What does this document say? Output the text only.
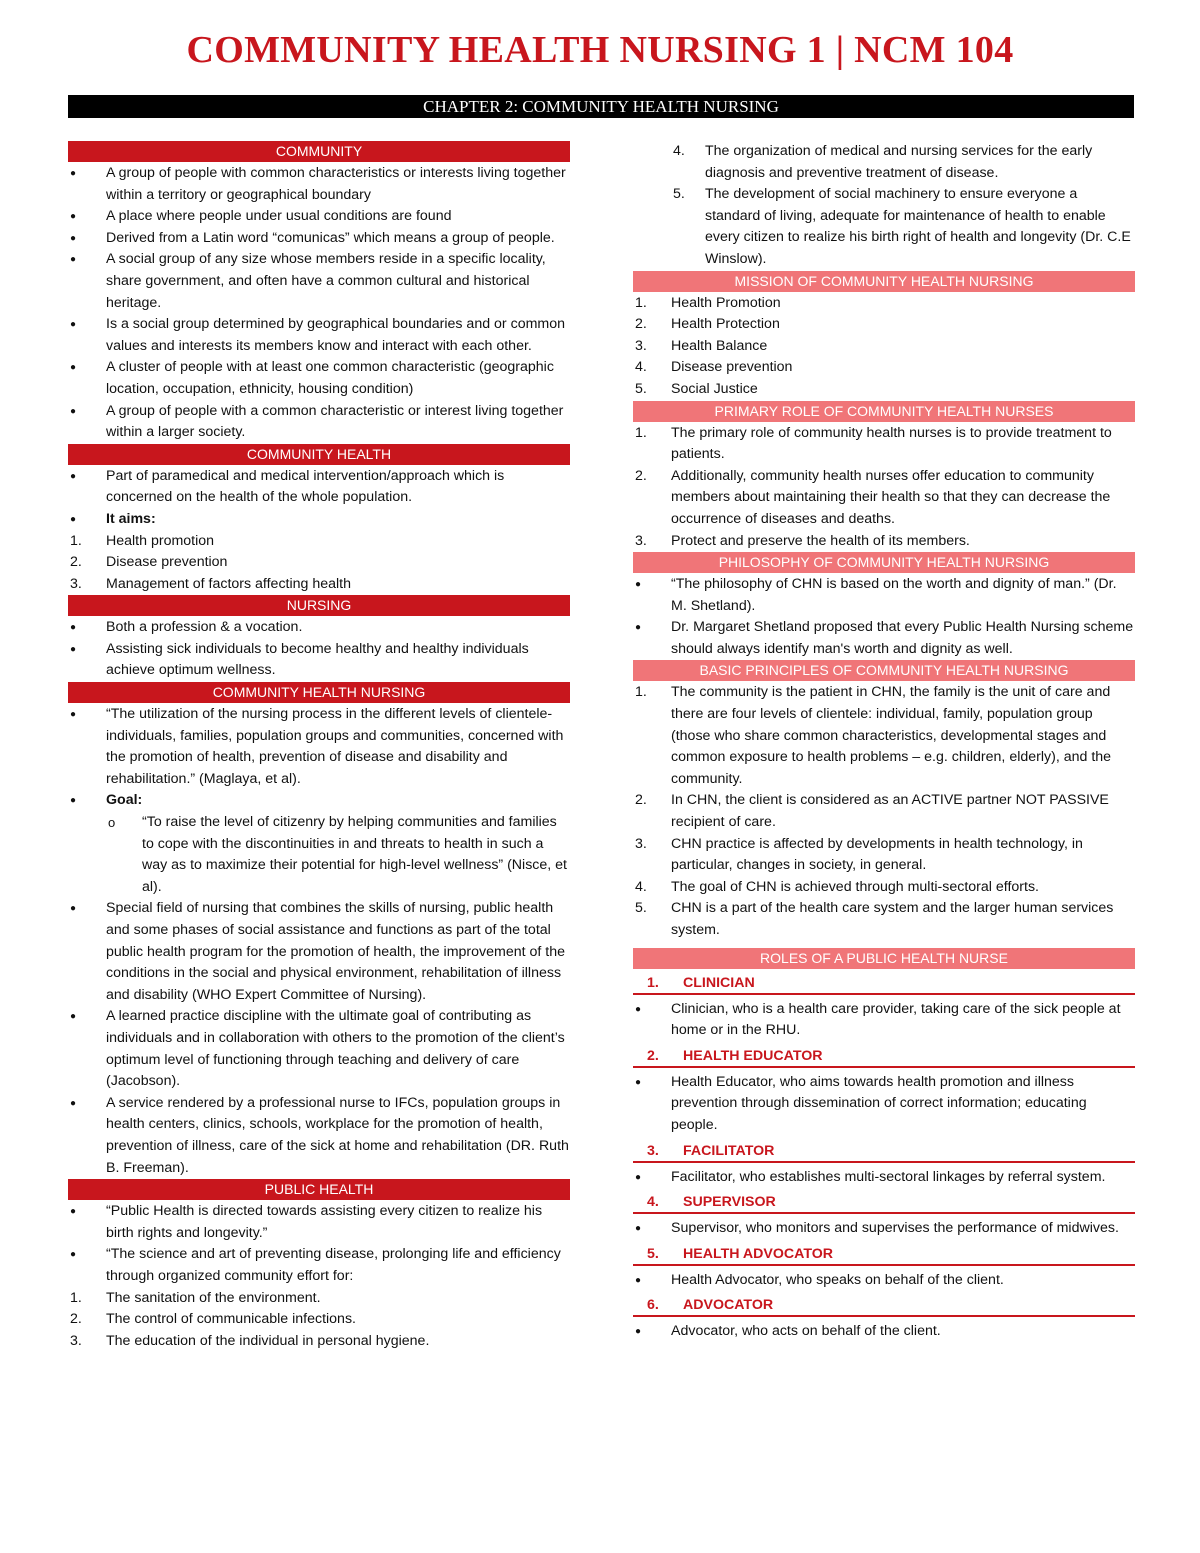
COMMUNITY HEALTH NURSING 1 | NCM 104
CHAPTER 2: COMMUNITY HEALTH NURSING
COMMUNITY
●	A group of people with common characteristics or interests living together within a territory or geographical boundary
●	A place where people under usual conditions are found
●	Derived from a Latin word “comunicas” which means a group of people.
●	A social group of any size whose members reside in a specific locality, share government, and often have a common cultural and historical heritage.
●	Is a social group determined by geographical boundaries and or common values and interests its members know and interact with each other.
●	A cluster of people with at least one common characteristic (geographic location, occupation, ethnicity, housing condition)
●	A group of people with a common characteristic or interest living together within a larger society.
COMMUNITY HEALTH
●	Part of paramedical and medical intervention/approach which is concerned on the health of the whole population.
●	It aims:
1.	Health promotion
2.	Disease prevention
3.	Management of factors affecting health
NURSING
●	Both a profession & a vocation.
●	Assisting sick individuals to become healthy and healthy individuals achieve optimum wellness.
COMMUNITY HEALTH NURSING
●	“The utilization of the nursing process in the different levels of clientele-individuals, families, population groups and communities, concerned with the promotion of health, prevention of disease and disability and rehabilitation.” (Maglaya, et al).
●	Goal:
o	“To raise the level of citizenry by helping communities and families to cope with the discontinuities in and threats to health in such a way as to maximize their potential for high-level wellness” (Nisce, et al).
●	Special field of nursing that combines the skills of nursing, public health and some phases of social assistance and functions as part of the total public health program for the promotion of health, the improvement of the conditions in the social and physical environment, rehabilitation of illness and disability (WHO Expert Committee of Nursing).
●	A learned practice discipline with the ultimate goal of contributing as individuals and in collaboration with others to the promotion of the client’s optimum level of functioning through teaching and delivery of care (Jacobson).
●	A service rendered by a professional nurse to IFCs, population groups in health centers, clinics, schools, workplace for the promotion of health, prevention of illness, care of the sick at home and rehabilitation (DR. Ruth B. Freeman).
PUBLIC HEALTH
●	“Public Health is directed towards assisting every citizen to realize his birth rights and longevity.”
●	“The science and art of preventing disease, prolonging life and efficiency through organized community effort for:
1.	The sanitation of the environment.
2.	The control of communicable infections.
3.	The education of the individual in personal hygiene.
4.	The organization of medical and nursing services for the early diagnosis and preventive treatment of disease.
5.	The development of social machinery to ensure everyone a standard of living, adequate for maintenance of health to enable every citizen to realize his birth right of health and longevity (Dr. C.E Winslow).
MISSION OF COMMUNITY HEALTH NURSING
1.	Health Promotion
2.	Health Protection
3.	Health Balance
4.	Disease prevention
5.	Social Justice
PRIMARY ROLE OF COMMUNITY HEALTH NURSES
1.	The primary role of community health nurses is to provide treatment to patients.
2.	Additionally, community health nurses offer education to community members about maintaining their health so that they can decrease the occurrence of diseases and deaths.
3.	Protect and preserve the health of its members.
PHILOSOPHY OF COMMUNITY HEALTH NURSING
●	“The philosophy of CHN is based on the worth and dignity of man.” (Dr. M. Shetland).
●	Dr. Margaret Shetland proposed that every Public Health Nursing scheme should always identify man's worth and dignity as well.
BASIC PRINCIPLES OF COMMUNITY HEALTH NURSING
1.	The community is the patient in CHN, the family is the unit of care and there are four levels of clientele: individual, family, population group (those who share common characteristics, developmental stages and common exposure to health problems – e.g. children, elderly), and the community.
2.	In CHN, the client is considered as an ACTIVE partner NOT PASSIVE recipient of care.
3.	CHN practice is affected by developments in health technology, in particular, changes in society, in general.
4.	The goal of CHN is achieved through multi-sectoral efforts.
5.	CHN is a part of the health care system and the larger human services system.
ROLES OF A PUBLIC HEALTH NURSE
1. CLINICIAN
●	Clinician, who is a health care provider, taking care of the sick people at home or in the RHU.
2. HEALTH EDUCATOR
●	Health Educator, who aims towards health promotion and illness prevention through dissemination of correct information; educating people.
3. FACILITATOR
●	Facilitator, who establishes multi-sectoral linkages by referral system.
4. SUPERVISOR
●	Supervisor, who monitors and supervises the performance of midwives.
5. HEALTH ADVOCATOR
●	Health Advocator, who speaks on behalf of the client.
6. ADVOCATOR
●	Advocator, who acts on behalf of the client.
